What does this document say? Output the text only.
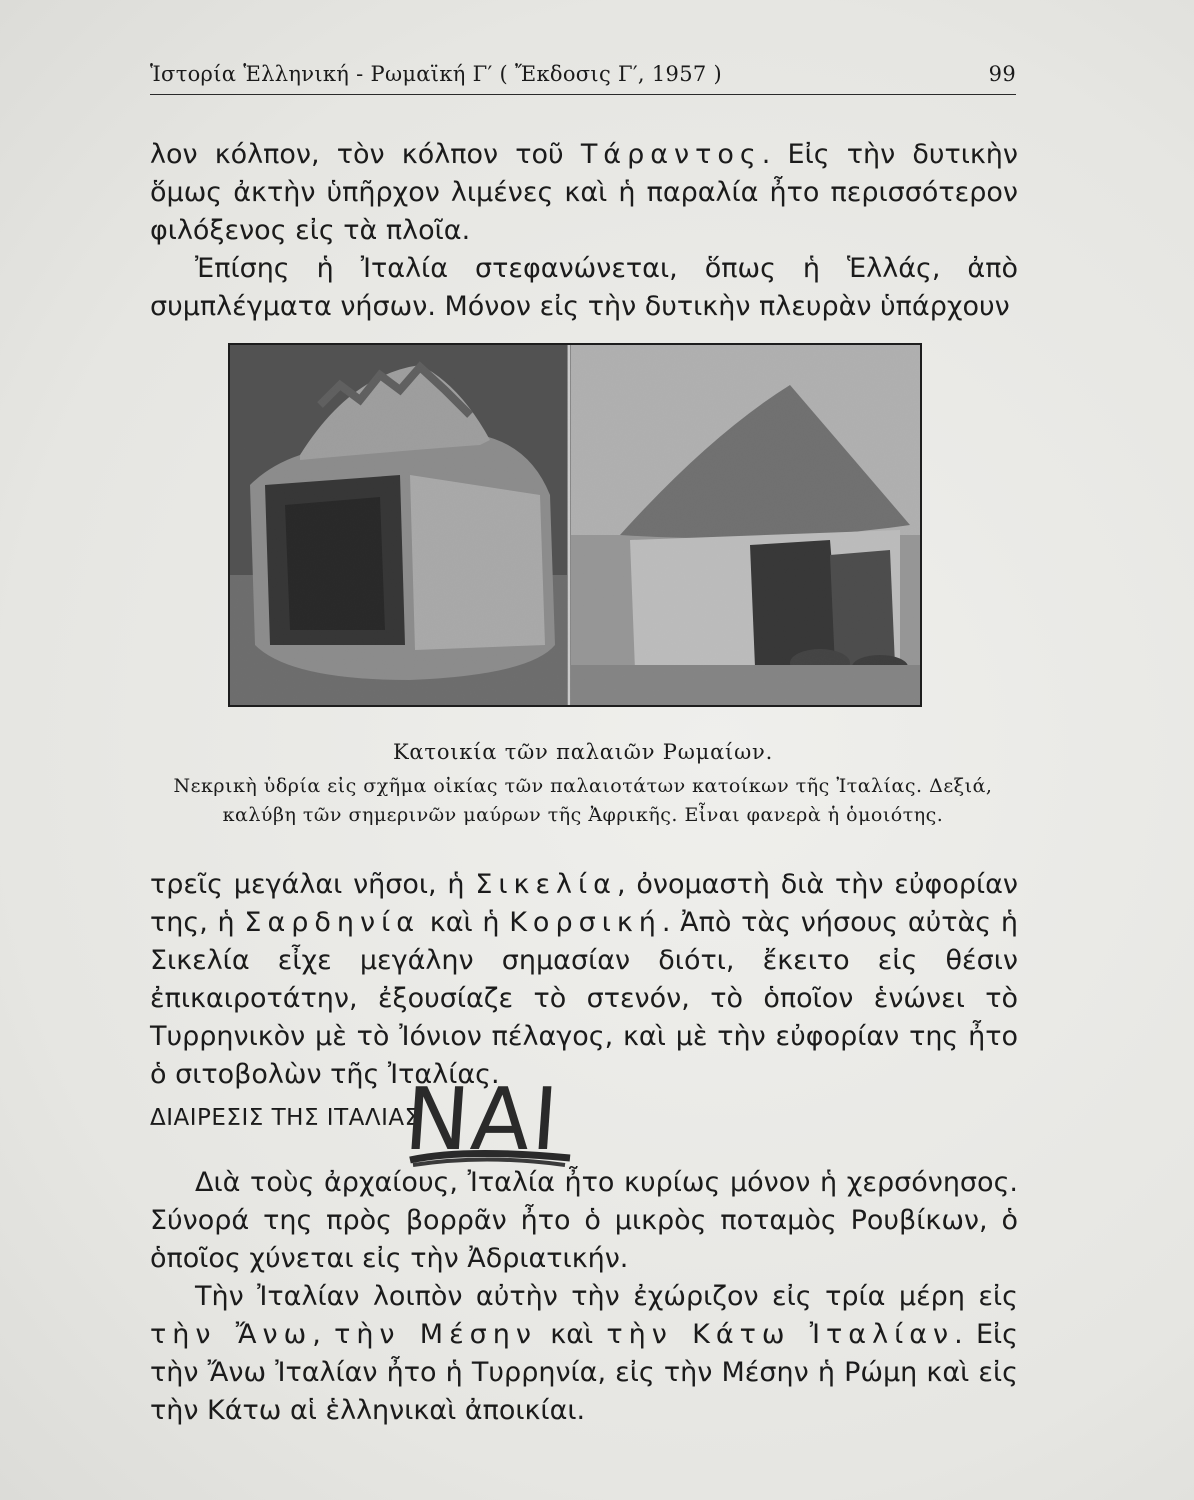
Ἱστορία Ἑλληνική - Ρωμαϊκή Γ′ ( Ἔκδοσις Γ′, 1957 )	99

λον κόλπον, τὸν κόλπον τοῦ Τάραντος. Εἰς τὴν δυτικὴν ὅμως ἀκτὴν ὑπῆρχον λιμένες καὶ ἡ παραλία ἦτο περισσότερον φιλόξενος εἰς τὰ πλοῖα.

Ἐπίσης ἡ Ἰταλία στεφανώνεται, ὅπως ἡ Ἑλλάς, ἀπὸ συμπλέγματα νήσων. Μόνον εἰς τὴν δυτικὴν πλευρὰν ὑπάρχουν

Κατοικία τῶν παλαιῶν Ρωμαίων.
Νεκρικὴ ὑδρία εἰς σχῆμα οἰκίας τῶν παλαιοτάτων κατοίκων τῆς Ἰταλίας. Δεξιά, καλύβη τῶν σημερινῶν μαύρων τῆς Ἀφρικῆς. Εἶναι φανερὰ ἡ ὁμοιότης.

τρεῖς μεγάλαι νῆσοι, ἡ Σικελία, ὀνομαστὴ διὰ τὴν εὐφορίαν της, ἡ Σαρδηνία καὶ ἡ Κορσική. Ἀπὸ τὰς νήσους αὐτὰς ἡ Σικελία εἶχε μεγάλην σημασίαν διότι, ἔκειτο εἰς θέσιν ἐπικαιροτάτην, ἐξουσίαζε τὸ στενόν, τὸ ὁποῖον ἑνώνει τὸ Τυρρηνικὸν μὲ τὸ Ἰόνιον πέλαγος, καὶ μὲ τὴν εὐφορίαν της ἦτο ὁ σιτοβολὼν τῆς Ἰταλίας.

ΔΙΑΙΡΕΣΙΣ ΤΗΣ ΙΤΑΛΙΑΣ
ΝΑΙ

Διὰ τοὺς ἀρχαίους, Ἰταλία ἦτο κυρίως μόνον ἡ χερσόνησος. Σύνορά της πρὸς βορρᾶν ἦτο ὁ μικρὸς ποταμὸς Ρουβίκων, ὁ ὁποῖος χύνεται εἰς τὴν Ἀδριατικήν.

Τὴν Ἰταλίαν λοιπὸν αὐτὴν τὴν ἐχώριζον εἰς τρία μέρη εἰς τὴν Ἄνω, τὴν Μέσην καὶ τὴν Κάτω Ἰταλίαν. Εἰς τὴν Ἄνω Ἰταλίαν ἦτο ἡ Τυρρηνία, εἰς τὴν Μέσην ἡ Ρώμη καὶ εἰς τὴν Κάτω αἱ ἑλληνικαὶ ἀποικίαι.
